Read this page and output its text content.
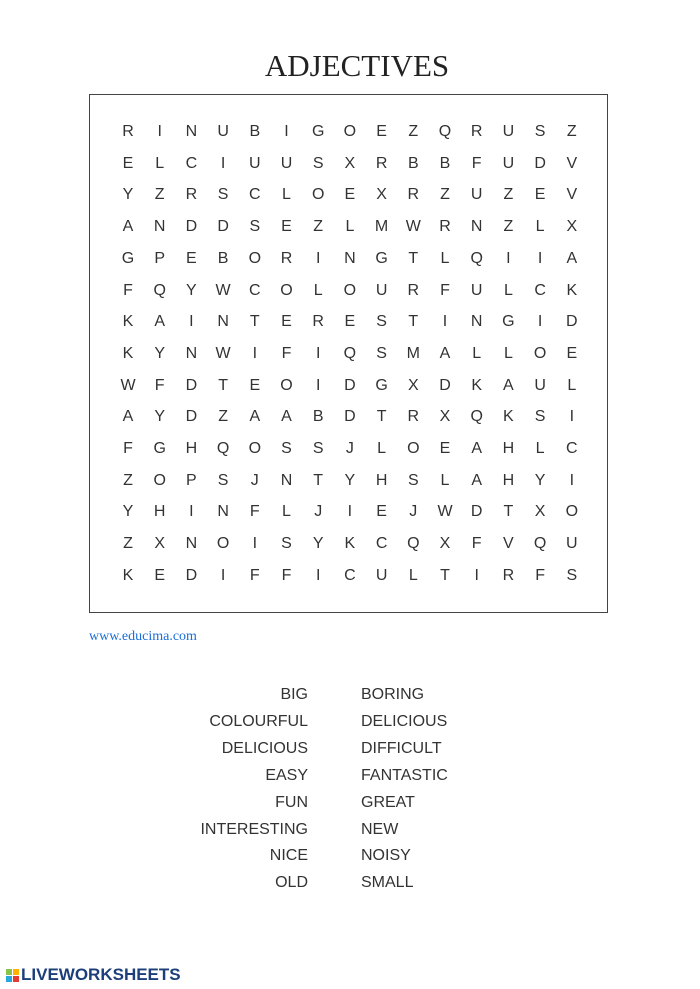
ADJECTIVES
R	I	N	U	B	I	G	O	E	Z	Q	R	U	S	Z
E	L	C	I	U	U	S	X	R	B	B	F	U	D	V
Y	Z	R	S	C	L	O	E	X	R	Z	U	Z	E	V
A	N	D	D	S	E	Z	L	M	W	R	N	Z	L	X
G	P	E	B	O	R	I	N	G	T	L	Q	I	I	A
F	Q	Y	W	C	O	L	O	U	R	F	U	L	C	K
K	A	I	N	T	E	R	E	S	T	I	N	G	I	D
K	Y	N	W	I	F	I	Q	S	M	A	L	L	O	E
W	F	D	T	E	O	I	D	G	X	D	K	A	U	L
A	Y	D	Z	A	A	B	D	T	R	X	Q	K	S	I
F	G	H	Q	O	S	S	J	L	O	E	A	H	L	C
Z	O	P	S	J	N	T	Y	H	S	L	A	H	Y	I
Y	H	I	N	F	L	J	I	E	J	W	D	T	X	O
Z	X	N	O	I	S	Y	K	C	Q	X	F	V	Q	U
K	E	D	I	F	F	I	C	U	L	T	I	R	F	S
www.educima.com
BIG
COLOURFUL
DELICIOUS
EASY
FUN
INTERESTING
NICE
OLD
BORING
DELICIOUS
DIFFICULT
FANTASTIC
GREAT
NEW
NOISY
SMALL
LIVEWORKSHEETS
